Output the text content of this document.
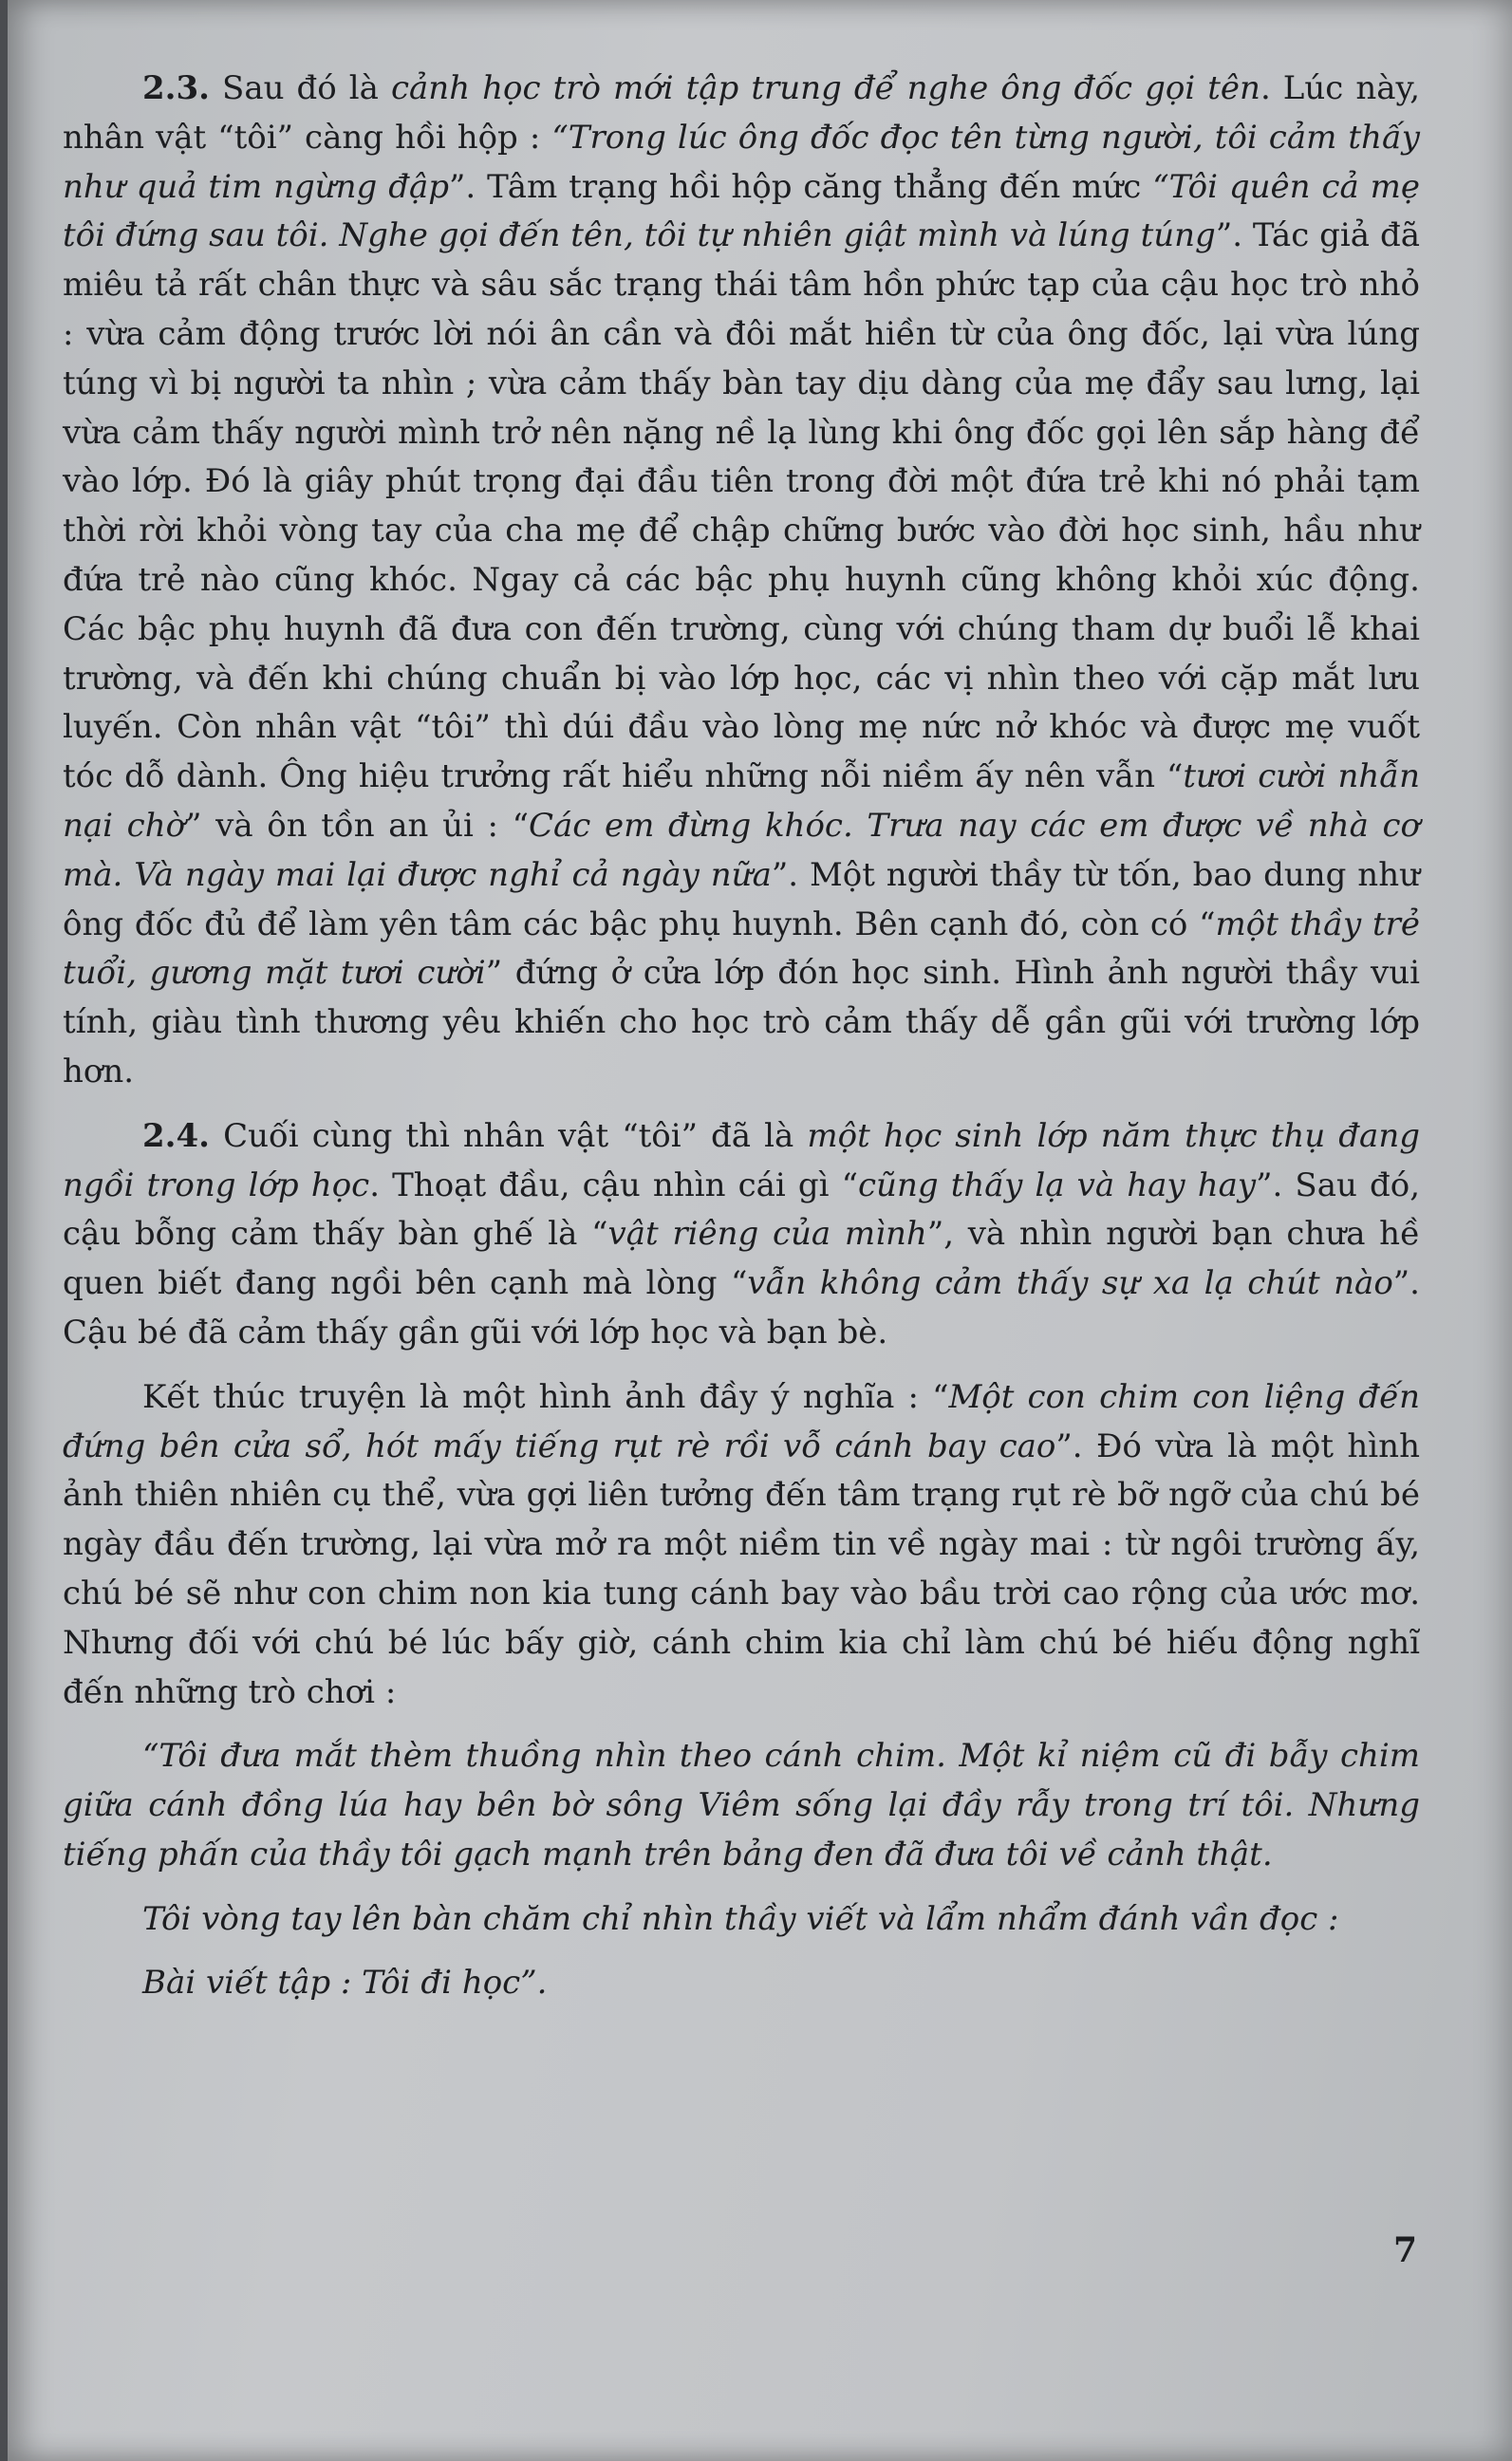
2.3. Sau đó là cảnh học trò mới tập trung để nghe ông đốc gọi tên. Lúc này, nhân vật “tôi” càng hồi hộp : “Trong lúc ông đốc đọc tên từng người, tôi cảm thấy như quả tim ngừng đập”. Tâm trạng hồi hộp căng thẳng đến mức “Tôi quên cả mẹ tôi đứng sau tôi. Nghe gọi đến tên, tôi tự nhiên giật mình và lúng túng”. Tác giả đã miêu tả rất chân thực và sâu sắc trạng thái tâm hồn phức tạp của cậu học trò nhỏ : vừa cảm động trước lời nói ân cần và đôi mắt hiền từ của ông đốc, lại vừa lúng túng vì bị người ta nhìn ; vừa cảm thấy bàn tay dịu dàng của mẹ đẩy sau lưng, lại vừa cảm thấy người mình trở nên nặng nề lạ lùng khi ông đốc gọi lên sắp hàng để vào lớp. Đó là giây phút trọng đại đầu tiên trong đời một đứa trẻ khi nó phải tạm thời rời khỏi vòng tay của cha mẹ để chập chững bước vào đời học sinh, hầu như đứa trẻ nào cũng khóc. Ngay cả các bậc phụ huynh cũng không khỏi xúc động. Các bậc phụ huynh đã đưa con đến trường, cùng với chúng tham dự buổi lễ khai trường, và đến khi chúng chuẩn bị vào lớp học, các vị nhìn theo với cặp mắt lưu luyến. Còn nhân vật “tôi” thì dúi đầu vào lòng mẹ nức nở khóc và được mẹ vuốt tóc dỗ dành. Ông hiệu trưởng rất hiểu những nỗi niềm ấy nên vẫn “tươi cười nhẫn nại chờ” và ôn tồn an ủi : “Các em đừng khóc. Trưa nay các em được về nhà cơ mà. Và ngày mai lại được nghỉ cả ngày nữa”. Một người thầy từ tốn, bao dung như ông đốc đủ để làm yên tâm các bậc phụ huynh. Bên cạnh đó, còn có “một thầy trẻ tuổi, gương mặt tươi cười” đứng ở cửa lớp đón học sinh. Hình ảnh người thầy vui tính, giàu tình thương yêu khiến cho học trò cảm thấy dễ gần gũi với trường lớp hơn.

2.4. Cuối cùng thì nhân vật “tôi” đã là một học sinh lớp năm thực thụ đang ngồi trong lớp học. Thoạt đầu, cậu nhìn cái gì “cũng thấy lạ và hay hay”. Sau đó, cậu bỗng cảm thấy bàn ghế là “vật riêng của mình”, và nhìn người bạn chưa hề quen biết đang ngồi bên cạnh mà lòng “vẫn không cảm thấy sự xa lạ chút nào”. Cậu bé đã cảm thấy gần gũi với lớp học và bạn bè.

Kết thúc truyện là một hình ảnh đầy ý nghĩa : “Một con chim con liệng đến đứng bên cửa sổ, hót mấy tiếng rụt rè rồi vỗ cánh bay cao”. Đó vừa là một hình ảnh thiên nhiên cụ thể, vừa gợi liên tưởng đến tâm trạng rụt rè bỡ ngỡ của chú bé ngày đầu đến trường, lại vừa mở ra một niềm tin về ngày mai : từ ngôi trường ấy, chú bé sẽ như con chim non kia tung cánh bay vào bầu trời cao rộng của ước mơ. Nhưng đối với chú bé lúc bấy giờ, cánh chim kia chỉ làm chú bé hiếu động nghĩ đến những trò chơi :

“Tôi đưa mắt thèm thuồng nhìn theo cánh chim. Một kỉ niệm cũ đi bẫy chim giữa cánh đồng lúa hay bên bờ sông Viêm sống lại đầy rẫy trong trí tôi. Nhưng tiếng phấn của thầy tôi gạch mạnh trên bảng đen đã đưa tôi về cảnh thật.

Tôi vòng tay lên bàn chăm chỉ nhìn thầy viết và lẩm nhẩm đánh vần đọc :

Bài viết tập : Tôi đi học”.

7
